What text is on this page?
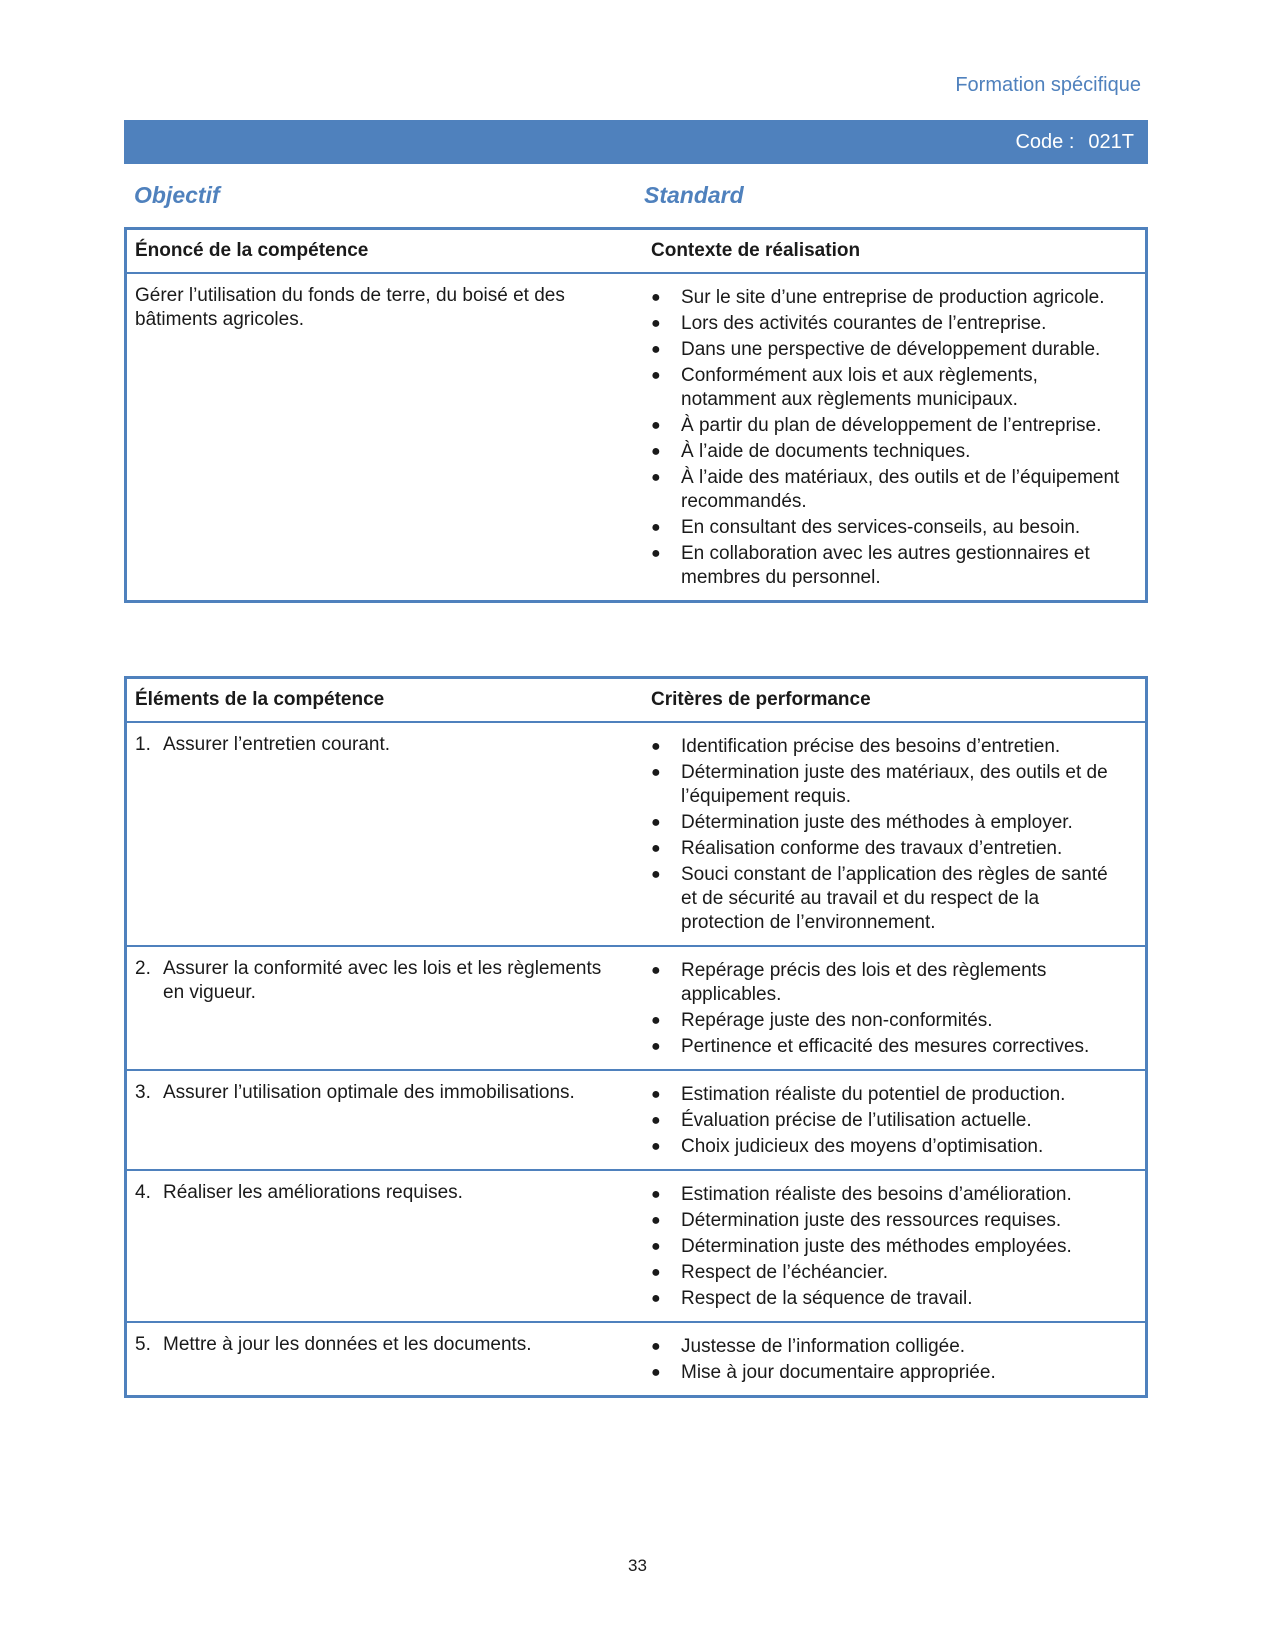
Formation spécifique
Code : 021T
Objectif	Standard
Énoncé de la compétence	Contexte de réalisation
Gérer l’utilisation du fonds de terre, du boisé et des bâtiments agricoles.
●	Sur le site d’une entreprise de production agricole.
●	Lors des activités courantes de l’entreprise.
●	Dans une perspective de développement durable.
●	Conformément aux lois et aux règlements, notamment aux règlements municipaux.
●	À partir du plan de développement de l’entreprise.
●	À l’aide de documents techniques.
●	À l’aide des matériaux, des outils et de l’équipement recommandés.
●	En consultant des services-conseils, au besoin.
●	En collaboration avec les autres gestionnaires et membres du personnel.
Éléments de la compétence	Critères de performance
1. Assurer l’entretien courant.	●	Identification précise des besoins d’entretien.
●	Détermination juste des matériaux, des outils et de l’équipement requis.
●	Détermination juste des méthodes à employer.
●	Réalisation conforme des travaux d’entretien.
●	Souci constant de l’application des règles de santé et de sécurité au travail et du respect de la protection de l’environnement.
2. Assurer la conformité avec les lois et les règlements en vigueur.
●	Repérage précis des lois et des règlements applicables.
●	Repérage juste des non-conformités.
●	Pertinence et efficacité des mesures correctives.
3. Assurer l’utilisation optimale des immobilisations.	●	Estimation réaliste du potentiel de production.
●	Évaluation précise de l’utilisation actuelle.
●	Choix judicieux des moyens d’optimisation.
4. Réaliser les améliorations requises.	●	Estimation réaliste des besoins d’amélioration.
●	Détermination juste des ressources requises.
●	Détermination juste des méthodes employées.
●	Respect de l’échéancier.
●	Respect de la séquence de travail.
5. Mettre à jour les données et les documents.	●	Justesse de l’information colligée.
●	Mise à jour documentaire appropriée.
33
